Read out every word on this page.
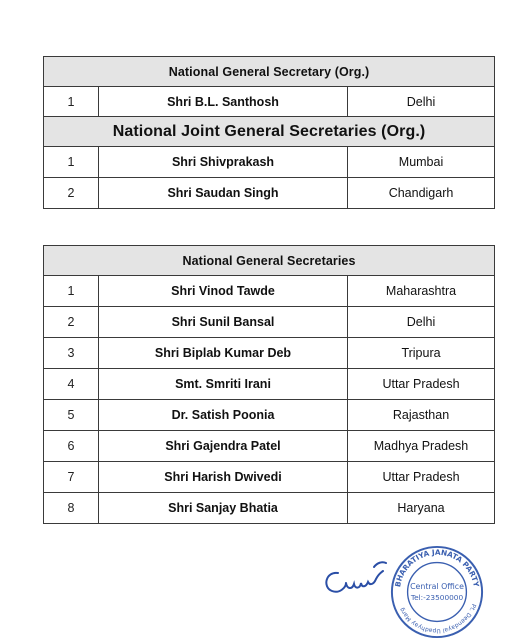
National General Secretary (Org.)		
1	Shri B.L. Santhosh	Delhi
National Joint General Secretaries (Org.)		
1	Shri Shivprakash	Mumbai
2	Shri Saudan Singh	Chandigarh
National General Secretaries		
1	Shri Vinod Tawde	Maharashtra
2	Shri Sunil Bansal	Delhi
3	Shri Biplab Kumar Deb	Tripura
4	Smt. Smriti Irani	Uttar Pradesh
5	Dr. Satish Poonia	Rajasthan
6	Shri Gajendra Patel	Madhya Pradesh
7	Shri Harish Dwivedi	Uttar Pradesh
8	Shri Sanjay Bhatia	Haryana
BHARATIYA JANATA PARTY
Pt. Deendayal Upadhyay Marg
Central Office
Tel:-23500000
